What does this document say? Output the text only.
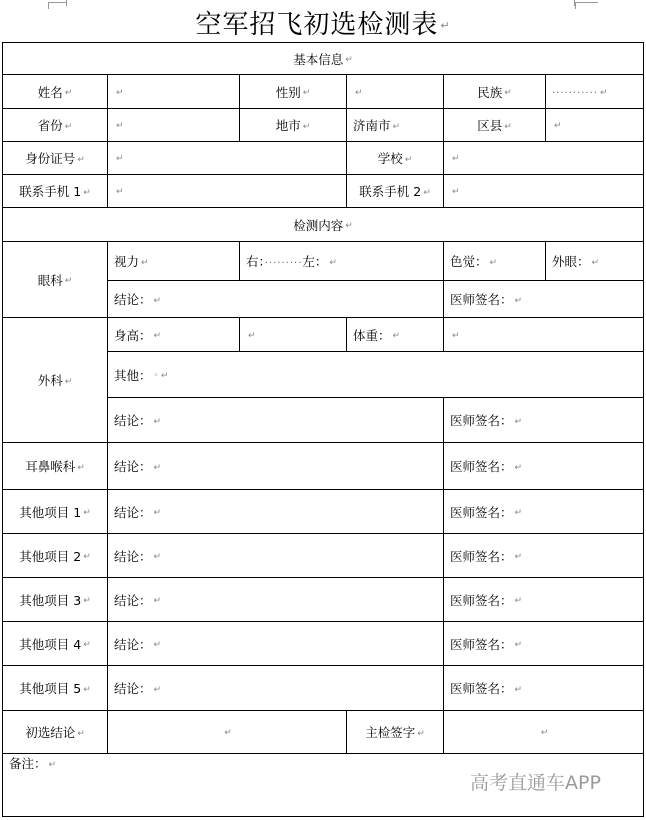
空军招飞初选检测表 ↵
基本信息 ↵					
姓名 ↵	↵	性别 ↵	↵	民族 ↵	··········· ↵
省份 ↵	↵	地市 ↵	济南市 ↵	区县 ↵	↵
身份证号 ↵	↵		学校 ↵	↵	
联系手机 1 ↵	↵		联系手机 2 ↵	↵	
检测内容 ↵					
眼科 ↵	视力 ↵	右：·········左： ↵		色觉： ↵	外眼： ↵
	结论： ↵			医师签名： ↵	
外科 ↵	身高： ↵	↵	体重： ↵	↵	
	其他： ◦ ↵				
	结论： ↵			医师签名： ↵	
耳鼻喉科 ↵	结论： ↵			医师签名： ↵	
其他项目 1 ↵	结论： ↵			医师签名： ↵	
其他项目 2 ↵	结论： ↵			医师签名： ↵	
其他项目 3 ↵	结论： ↵			医师签名： ↵	
其他项目 4 ↵	结论： ↵			医师签名： ↵	
其他项目 5 ↵	结论： ↵			医师签名： ↵	
初选结论 ↵	↵		主检签字 ↵	↵	
备注： ↵					
高考直通车APP
